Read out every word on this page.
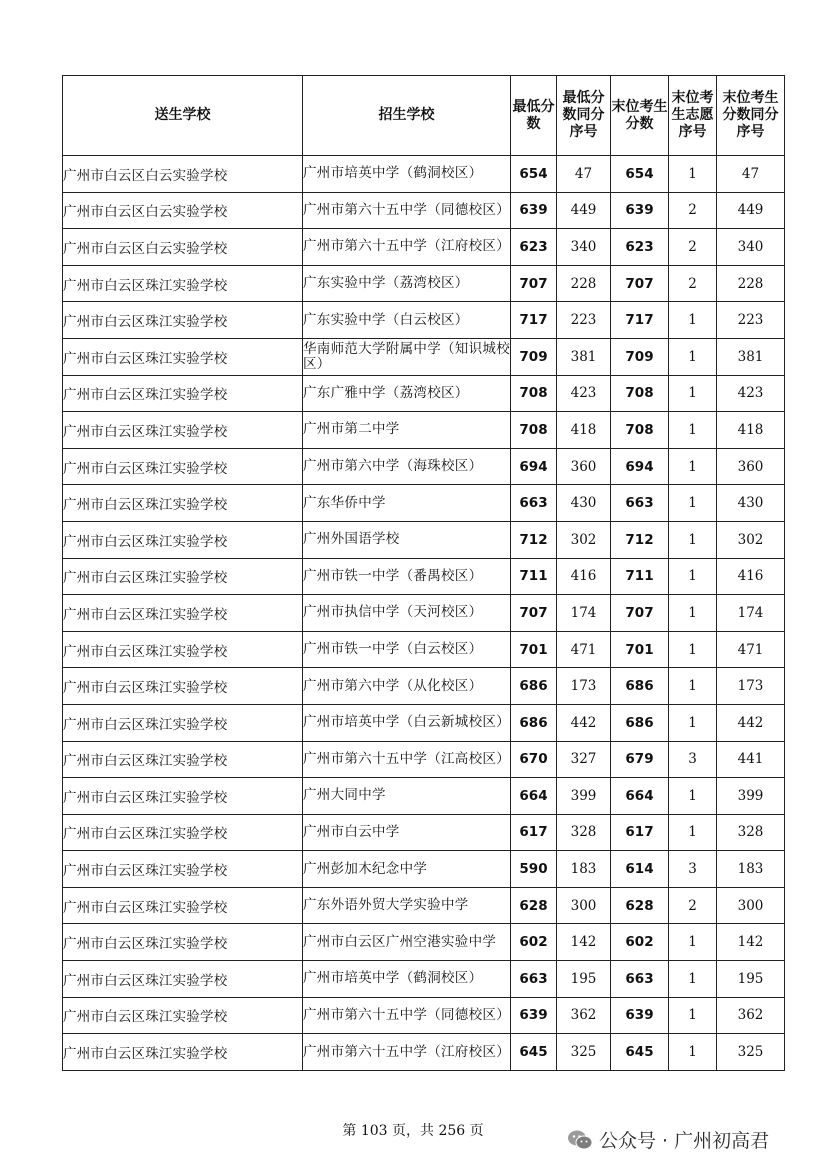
送生学校	招生学校	最低分数	最低分数同分序号	末位考生分数	末位考生志愿序号	末位考生分数同分序号
广州市白云区白云实验学校	广州市培英中学（鹤洞校区）	654	47	654	1	47
广州市白云区白云实验学校	广州市第六十五中学（同德校区）	639	449	639	2	449
广州市白云区白云实验学校	广州市第六十五中学（江府校区）	623	340	623	2	340
广州市白云区珠江实验学校	广东实验中学（荔湾校区）	707	228	707	2	228
广州市白云区珠江实验学校	广东实验中学（白云校区）	717	223	717	1	223
广州市白云区珠江实验学校	华南师范大学附属中学（知识城校区）	709	381	709	1	381
广州市白云区珠江实验学校	广东广雅中学（荔湾校区）	708	423	708	1	423
广州市白云区珠江实验学校	广州市第二中学	708	418	708	1	418
广州市白云区珠江实验学校	广州市第六中学（海珠校区）	694	360	694	1	360
广州市白云区珠江实验学校	广东华侨中学	663	430	663	1	430
广州市白云区珠江实验学校	广州外国语学校	712	302	712	1	302
广州市白云区珠江实验学校	广州市铁一中学（番禺校区）	711	416	711	1	416
广州市白云区珠江实验学校	广州市执信中学（天河校区）	707	174	707	1	174
广州市白云区珠江实验学校	广州市铁一中学（白云校区）	701	471	701	1	471
广州市白云区珠江实验学校	广州市第六中学（从化校区）	686	173	686	1	173
广州市白云区珠江实验学校	广州市培英中学（白云新城校区）	686	442	686	1	442
广州市白云区珠江实验学校	广州市第六十五中学（江高校区）	670	327	679	3	441
广州市白云区珠江实验学校	广州大同中学	664	399	664	1	399
广州市白云区珠江实验学校	广州市白云中学	617	328	617	1	328
广州市白云区珠江实验学校	广州彭加木纪念中学	590	183	614	3	183
广州市白云区珠江实验学校	广东外语外贸大学实验中学	628	300	628	2	300
广州市白云区珠江实验学校	广州市白云区广州空港实验中学	602	142	602	1	142
广州市白云区珠江实验学校	广州市培英中学（鹤洞校区）	663	195	663	1	195
广州市白云区珠江实验学校	广州市第六十五中学（同德校区）	639	362	639	1	362
广州市白云区珠江实验学校	广州市第六十五中学（江府校区）	645	325	645	1	325
第 103 页，共 256 页	公众号 · 广州初高君
